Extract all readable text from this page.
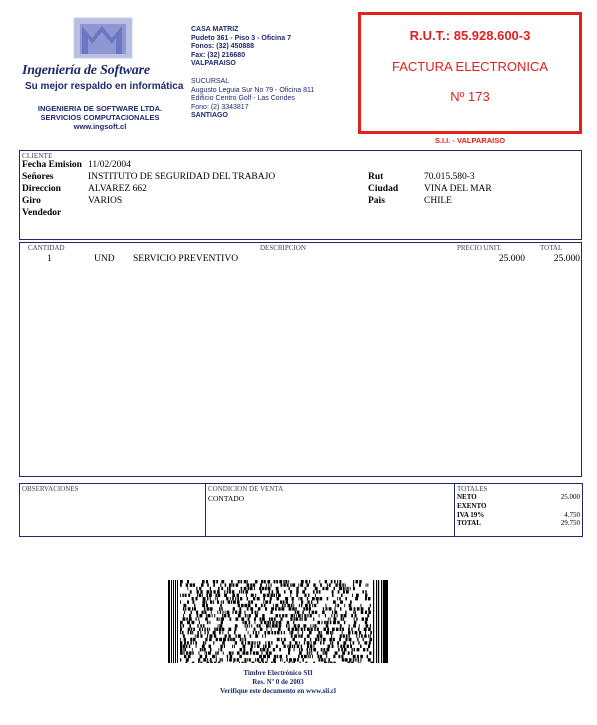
Ingeniería de Software
Su mejor respaldo en informática
INGENIERIA DE SOFTWARE LTDA.
SERVICIOS COMPUTACIONALES
www.ingsoft.cl
CASA MATRIZ
Pudeto 361 - Piso 3 - Oficina 7
Fonos: (32) 450888
Fax: (32) 216680
VALPARAISO
SUCURSAL
Augusto Leguia Sur No 79 - Oficina 811
Edificio Centro Golf - Las Condes
Fono: (2) 3343817
SANTIAGO
R.U.T.: 85.928.600-3
FACTURA ELECTRONICA
Nº 173
S.I.I. - VALPARAISO
CLIENTE
Fecha Emision 11/02/2004
Señores	INSTITUTO DE SEGURIDAD DEL TRABAJO
Direccion	ALVAREZ 662
Giro	VARIOS
Vendedor
Rut	70.015.580-3
Ciudad	VINA DEL MAR
Pais	CHILE
CANTIDAD	DESCRIPCION	PRECIO UNIT.	TOTAL
1	UND SERVICIO PREVENTIVO	25.000	25.000
OBSERVACIONES	CONDICION DE VENTA
CONTADO
TOTALES
NETO	25.000
EXENTO
IVA 19%	4.750
TOTAL	29.750
Timbre Electrónico SII
Res. Nº 0 de 2003
Verifique este documento en www.sii.cl
